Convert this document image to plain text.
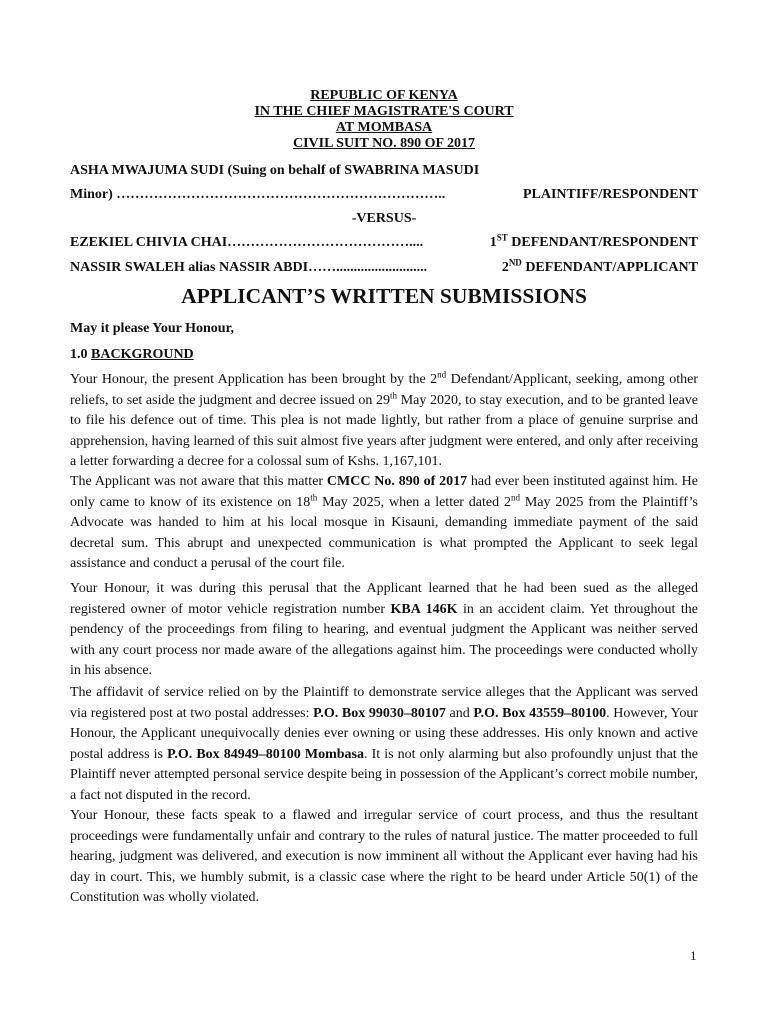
REPUBLIC OF KENYA
IN THE CHIEF MAGISTRATE'S COURT
AT MOMBASA
CIVIL SUIT NO. 890 OF 2017
ASHA MWAJUMA SUDI (Suing on behalf of SWABRINA MASUDI
Minor) ……………………………………………………………..	PLAINTIFF/RESPONDENT
-VERSUS-
EZEKIEL CHIVIA CHAI…………………………………....	1ST DEFENDANT/RESPONDENT
NASSIR SWALEH alias NASSIR ABDI……..........................	2ND DEFENDANT/APPLICANT
APPLICANT’S WRITTEN SUBMISSIONS
May it please Your Honour,
1.0 BACKGROUND
Your Honour, the present Application has been brought by the 2nd Defendant/Applicant, seeking, among other reliefs, to set aside the judgment and decree issued on 29th May 2020, to stay execution, and to be granted leave to file his defence out of time. This plea is not made lightly, but rather from a place of genuine surprise and apprehension, having learned of this suit almost five years after judgment were entered, and only after receiving a letter forwarding a decree for a colossal sum of Kshs. 1,167,101.
The Applicant was not aware that this matter CMCC No. 890 of 2017 had ever been instituted against him. He only came to know of its existence on 18th May 2025, when a letter dated 2nd May 2025 from the Plaintiff’s Advocate was handed to him at his local mosque in Kisauni, demanding immediate payment of the said decretal sum. This abrupt and unexpected communication is what prompted the Applicant to seek legal assistance and conduct a perusal of the court file.
Your Honour, it was during this perusal that the Applicant learned that he had been sued as the alleged registered owner of motor vehicle registration number KBA 146K in an accident claim. Yet throughout the pendency of the proceedings from filing to hearing, and eventual judgment the Applicant was neither served with any court process nor made aware of the allegations against him. The proceedings were conducted wholly in his absence.
The affidavit of service relied on by the Plaintiff to demonstrate service alleges that the Applicant was served via registered post at two postal addresses: P.O. Box 99030–80107 and P.O. Box 43559–80100. However, Your Honour, the Applicant unequivocally denies ever owning or using these addresses. His only known and active postal address is P.O. Box 84949–80100 Mombasa. It is not only alarming but also profoundly unjust that the Plaintiff never attempted personal service despite being in possession of the Applicant’s correct mobile number, a fact not disputed in the record.
Your Honour, these facts speak to a flawed and irregular service of court process, and thus the resultant proceedings were fundamentally unfair and contrary to the rules of natural justice. The matter proceeded to full hearing, judgment was delivered, and execution is now imminent all without the Applicant ever having had his day in court. This, we humbly submit, is a classic case where the right to be heard under Article 50(1) of the Constitution was wholly violated.
1
